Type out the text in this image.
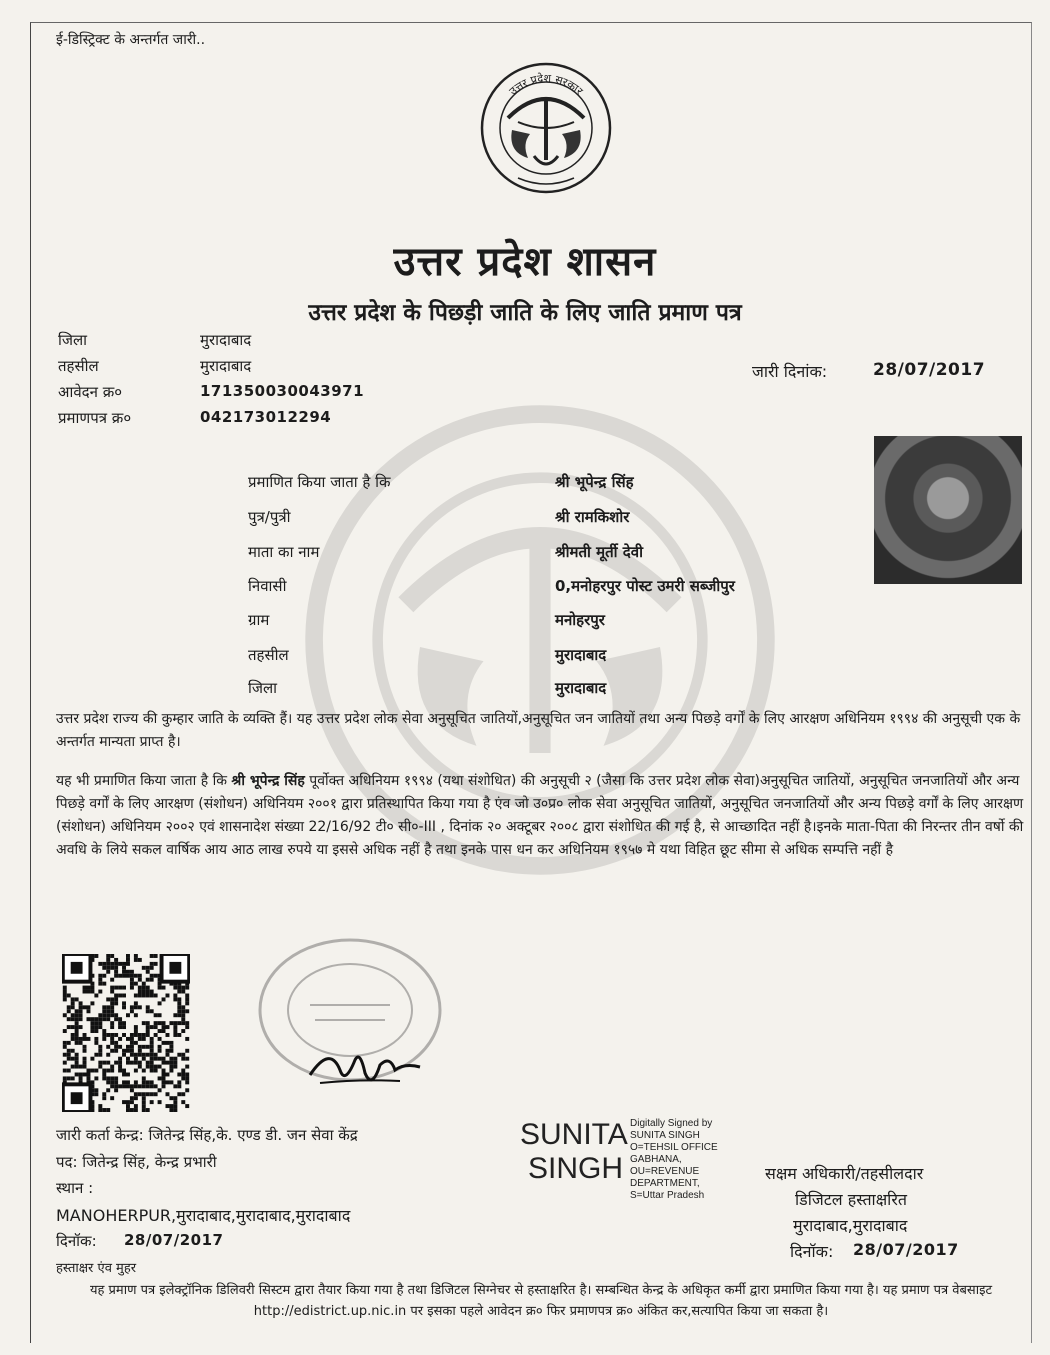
ई-डिस्ट्रिक्ट के अन्तर्गत जारी..
उत्तर प्रदेश सरकार
उत्तर प्रदेश शासन
उत्तर प्रदेश के पिछड़ी जाति के लिए जाति प्रमाण पत्र
जिला	मुरादाबाद
तहसील	मुरादाबाद
आवेदन क्र०	171350030043971
प्रमाणपत्र क्र०	042173012294
जारी दिनांक:	28/07/2017
प्रमाणित किया जाता है कि	श्री भूपेन्द्र सिंह
पुत्र/पुत्री	श्री रामकिशोर
माता का नाम	श्रीमती मूर्ती देवी
निवासी	0,मनोहरपुर पोस्ट उमरी सब्जीपुर
ग्राम	मनोहरपुर
तहसील	मुरादाबाद
जिला	मुरादाबाद
उत्तर प्रदेश राज्य की कुम्हार जाति के व्यक्ति हैं। यह उत्तर प्रदेश लोक सेवा अनुसूचित जातियों,अनुसूचित जन जातियों तथा अन्य पिछड़े वर्गों के लिए आरक्षण अधिनियम १९९४ की अनुसूची एक के अन्तर्गत मान्यता प्राप्त है।
यह भी प्रमाणित किया जाता है कि श्री भूपेन्द्र सिंह पूर्वोक्त अधिनियम १९९४ (यथा संशोधित) की अनुसूची २ (जैसा कि उत्तर प्रदेश लोक सेवा)अनुसूचित जातियों, अनुसूचित जनजातियों और अन्य पिछड़े वर्गों के लिए आरक्षण (संशोधन) अधिनियम २००१ द्वारा प्रतिस्थापित किया गया है एंव जो उ०प्र० लोक सेवा अनुसूचित जातियों, अनुसूचित जनजातियों और अन्य पिछड़े वर्गों के लिए आरक्षण (संशोधन) अधिनियम २००२ एवं शासनादेश संख्या 22/16/92 टी० सी०-III , दिनांक २० अक्टूबर २००८ द्वारा संशोधित की गई है, से आच्छादित नहीं है।इनके माता-पिता की निरन्तर तीन वर्षो की अवधि के लिये सकल वार्षिक आय आठ लाख रुपये या इससे अधिक नहीं है तथा इनके पास धन कर अधिनियम १९५७ मे यथा विहित छूट सीमा से अधिक सम्पत्ति नहीं है
जारी कर्ता केन्द्र: जितेन्द्र सिंह,के. एण्ड डी. जन सेवा केंद्र
पद: जितेन्द्र सिंह, केन्द्र प्रभारी
स्थान :
MANOHERPUR,मुरादाबाद,मुरादाबाद,मुरादाबाद
दिनॉक: 28/07/2017
हस्ताक्षर एंव मुहर
SUNITA
SINGH
Digitally Signed by
SUNITA SINGH
O=TEHSIL OFFICE
GABHANA,
OU=REVENUE
DEPARTMENT,
S=Uttar Pradesh
सक्षम अधिकारी/तहसीलदार
डिजिटल हस्ताक्षरित
मुरादाबाद,मुरादाबाद
दिनॉक: 28/07/2017
यह प्रमाण पत्र इलेक्ट्रॉनिक डिलिवरी सिस्टम द्वारा तैयार किया गया है तथा डिजिटल सिग्नेचर से हस्ताक्षरित है। सम्बन्धित केन्द्र के अधिकृत कर्मी द्वारा प्रमाणित किया गया है। यह प्रमाण पत्र वेबसाइट http://edistrict.up.nic.in पर इसका पहले आवेदन क्र० फिर प्रमाणपत्र क्र० अंकित कर,सत्यापित किया जा सकता है।
